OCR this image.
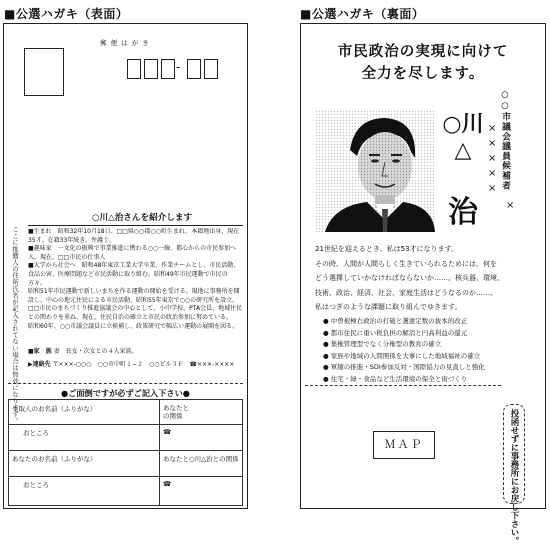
■公選ハガキ（表面）	■公選ハガキ（裏面）
郵 便 は が き
-
ここに推薦人の住所氏名が記入されてない場合は無効になります。
○川△治さんを紹介します
■生まれ　昭和32年10月18日、□□県○○郡○○町生まれ。本籍地出身、現在35才。在籍33年続き、弁護士。
■趣味家　一文化の振興で事業推進に携わる○○一線、都心からの市民参加へ入。現在、□□市民の仕事人
■大学から社会へ　昭和48年東京工業大学卒業、作業チームとし、市民活動、食品公害、医療問題など市民活動に取り組む。昭和49年市民運動で市民の方々。
昭和51年市民運動で新しいまちを作る運動の開始を受ける。現地に事務所を開設し、中心の地元住民による市民活動、昭和55年東京で○○の研究所を設立。
□□市民のまちづくり推進協議会の中心として、小中学校、PTA会員、地域住民との関わりを重ね、現在、住民自治の確立と市民の政治参加に努めている。
昭和60年、○○市議会議員に立候補し、政策研究で幅広い運動の展開を図る。
■家　族 妻　長女・次女との４人家族。
▶連絡先 〒×××-○○○　○○市中町１−２　○○ビル３Ｆ　☎×××-××××
●ご面倒ですが必ずご記入下さい●
受取人のお名前（ふりがな）	あなたとの関係
おところ	☎
あなたのお名前（ふりがな）	あなたと○川△治との関係
おところ	☎
市民政治の実現に向けて
全力を尽します。
○○市議会議員候補者
×
×
×
×
×
×
○川△
治
21世紀を迎えるとき、私は53才になります。
その時、人間が人間らしく生きていられるためには、何を
どう選擇していかなければならないか……。核兵器、環境、
技術、政治、経済、社会、家庭生活はどうなるのか……。
私はつぎのような課題に取り組んでゆきます。
● 中曽根極右政治の打破と護憲定数の抜本的改正
● 都市住民に重い税負担の解消と円高利益の還元
● 集権管理型でなく分権型の教育の確立
● 家族や地域の人間関係を大事にした地域福祉の確立
● 軍縮の推進・SDI参加反対・国際協力の見直しと強化
● 住宅・緑・食品など生活環境の保全と街づくり
ＭＡＰ	投函せずに事務所にお戻し下さい。
